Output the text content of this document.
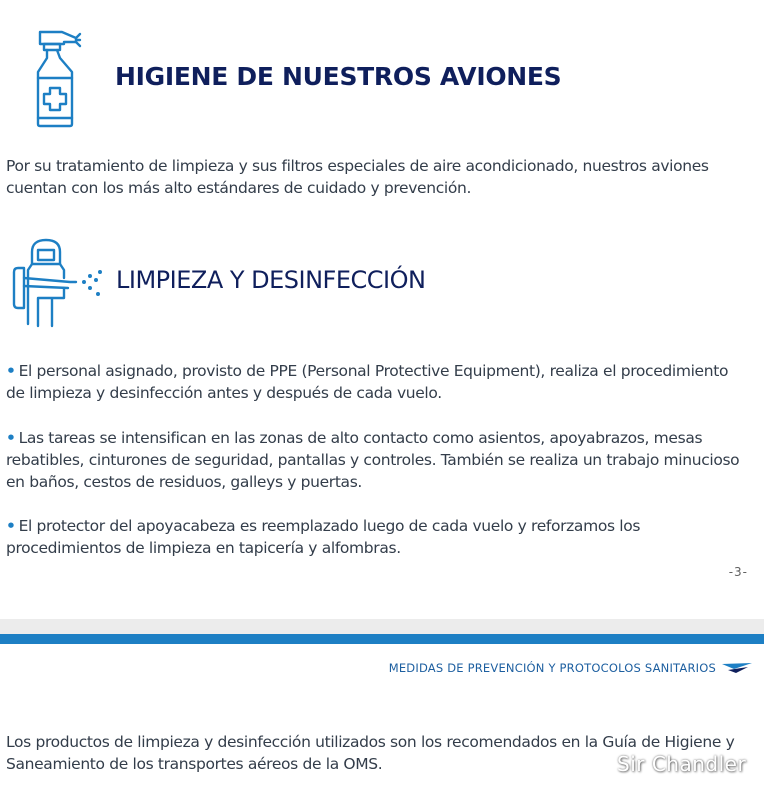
HIGIENE DE NUESTROS AVIONES
Por su tratamiento de limpieza y sus filtros especiales de aire acondicionado, nuestros aviones cuentan con los más alto estándares de cuidado y prevención.
LIMPIEZA Y DESINFECCIÓN
• El personal asignado, provisto de PPE (Personal Protective Equipment), realiza el procedimiento de limpieza y desinfección antes y después de cada vuelo.
• Las tareas se intensifican en las zonas de alto contacto como asientos, apoyabrazos, mesas rebatibles, cinturones de seguridad, pantallas y controles. También se realiza un trabajo minucioso en baños, cestos de residuos, galleys y puertas.
• El protector del apoyacabeza es reemplazado luego de cada vuelo y reforzamos los procedimientos de limpieza en tapicería y alfombras.
-3-
MEDIDAS DE PREVENCIÓN Y PROTOCOLOS SANITARIOS
Los productos de limpieza y desinfección utilizados son los recomendados en la Guía de Higiene y Saneamiento de los transportes aéreos de la OMS.	Sir Chandler
